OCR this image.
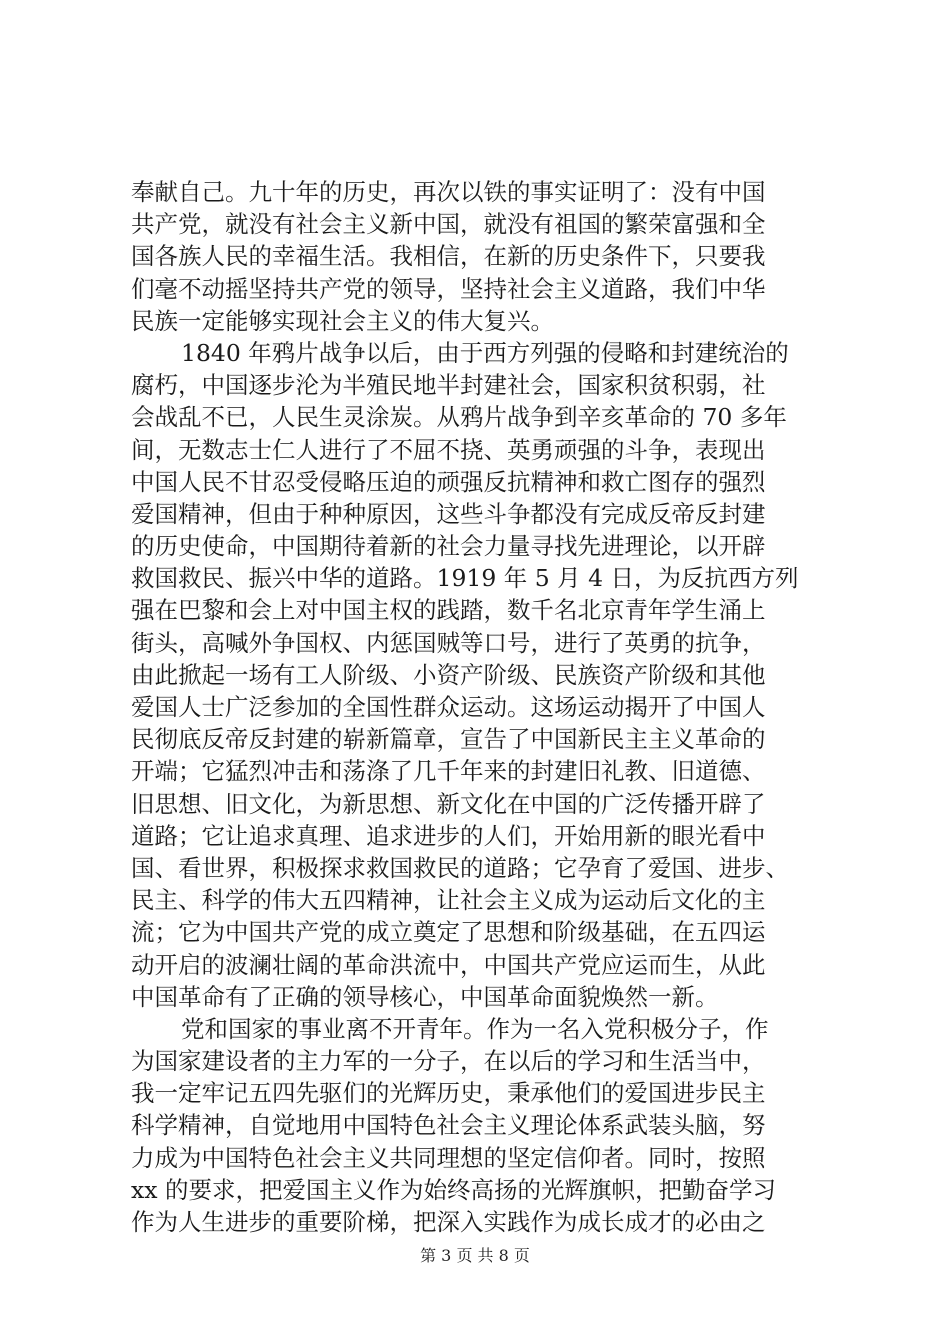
奉献自己。九十年的历史，再次以铁的事实证明了：没有中国
共产党，就没有社会主义新中国，就没有祖国的繁荣富强和全
国各族人民的幸福生活。我相信，在新的历史条件下，只要我
们毫不动摇坚持共产党的领导，坚持社会主义道路，我们中华
民族一定能够实现社会主义的伟大复兴。
1840 年鸦片战争以后，由于西方列强的侵略和封建统治的
腐朽，中国逐步沦为半殖民地半封建社会，国家积贫积弱，社
会战乱不已，人民生灵涂炭。从鸦片战争到辛亥革命的 70 多年
间，无数志士仁人进行了不屈不挠、英勇顽强的斗争，表现出
中国人民不甘忍受侵略压迫的顽强反抗精神和救亡图存的强烈
爱国精神，但由于种种原因，这些斗争都没有完成反帝反封建
的历史使命，中国期待着新的社会力量寻找先进理论，以开辟
救国救民、振兴中华的道路。1919 年 5 月 4 日，为反抗西方列
强在巴黎和会上对中国主权的践踏，数千名北京青年学生涌上
街头，高喊外争国权、内惩国贼等口号，进行了英勇的抗争，
由此掀起一场有工人阶级、小资产阶级、民族资产阶级和其他
爱国人士广泛参加的全国性群众运动。这场运动揭开了中国人
民彻底反帝反封建的崭新篇章，宣告了中国新民主主义革命的
开端；它猛烈冲击和荡涤了几千年来的封建旧礼教、旧道德、
旧思想、旧文化，为新思想、新文化在中国的广泛传播开辟了
道路；它让追求真理、追求进步的人们，开始用新的眼光看中
国、看世界，积极探求救国救民的道路；它孕育了爱国、进步、
民主、科学的伟大五四精神，让社会主义成为运动后文化的主
流；它为中国共产党的成立奠定了思想和阶级基础，在五四运
动开启的波澜壮阔的革命洪流中，中国共产党应运而生，从此
中国革命有了正确的领导核心，中国革命面貌焕然一新。
党和国家的事业离不开青年。作为一名入党积极分子，作
为国家建设者的主力军的一分子，在以后的学习和生活当中，
我一定牢记五四先驱们的光辉历史，秉承他们的爱国进步民主
科学精神，自觉地用中国特色社会主义理论体系武装头脑，努
力成为中国特色社会主义共同理想的坚定信仰者。同时，按照
xx 的要求，把爱国主义作为始终高扬的光辉旗帜，把勤奋学习
作为人生进步的重要阶梯，把深入实践作为成长成才的必由之
第 3 页 共 8 页
